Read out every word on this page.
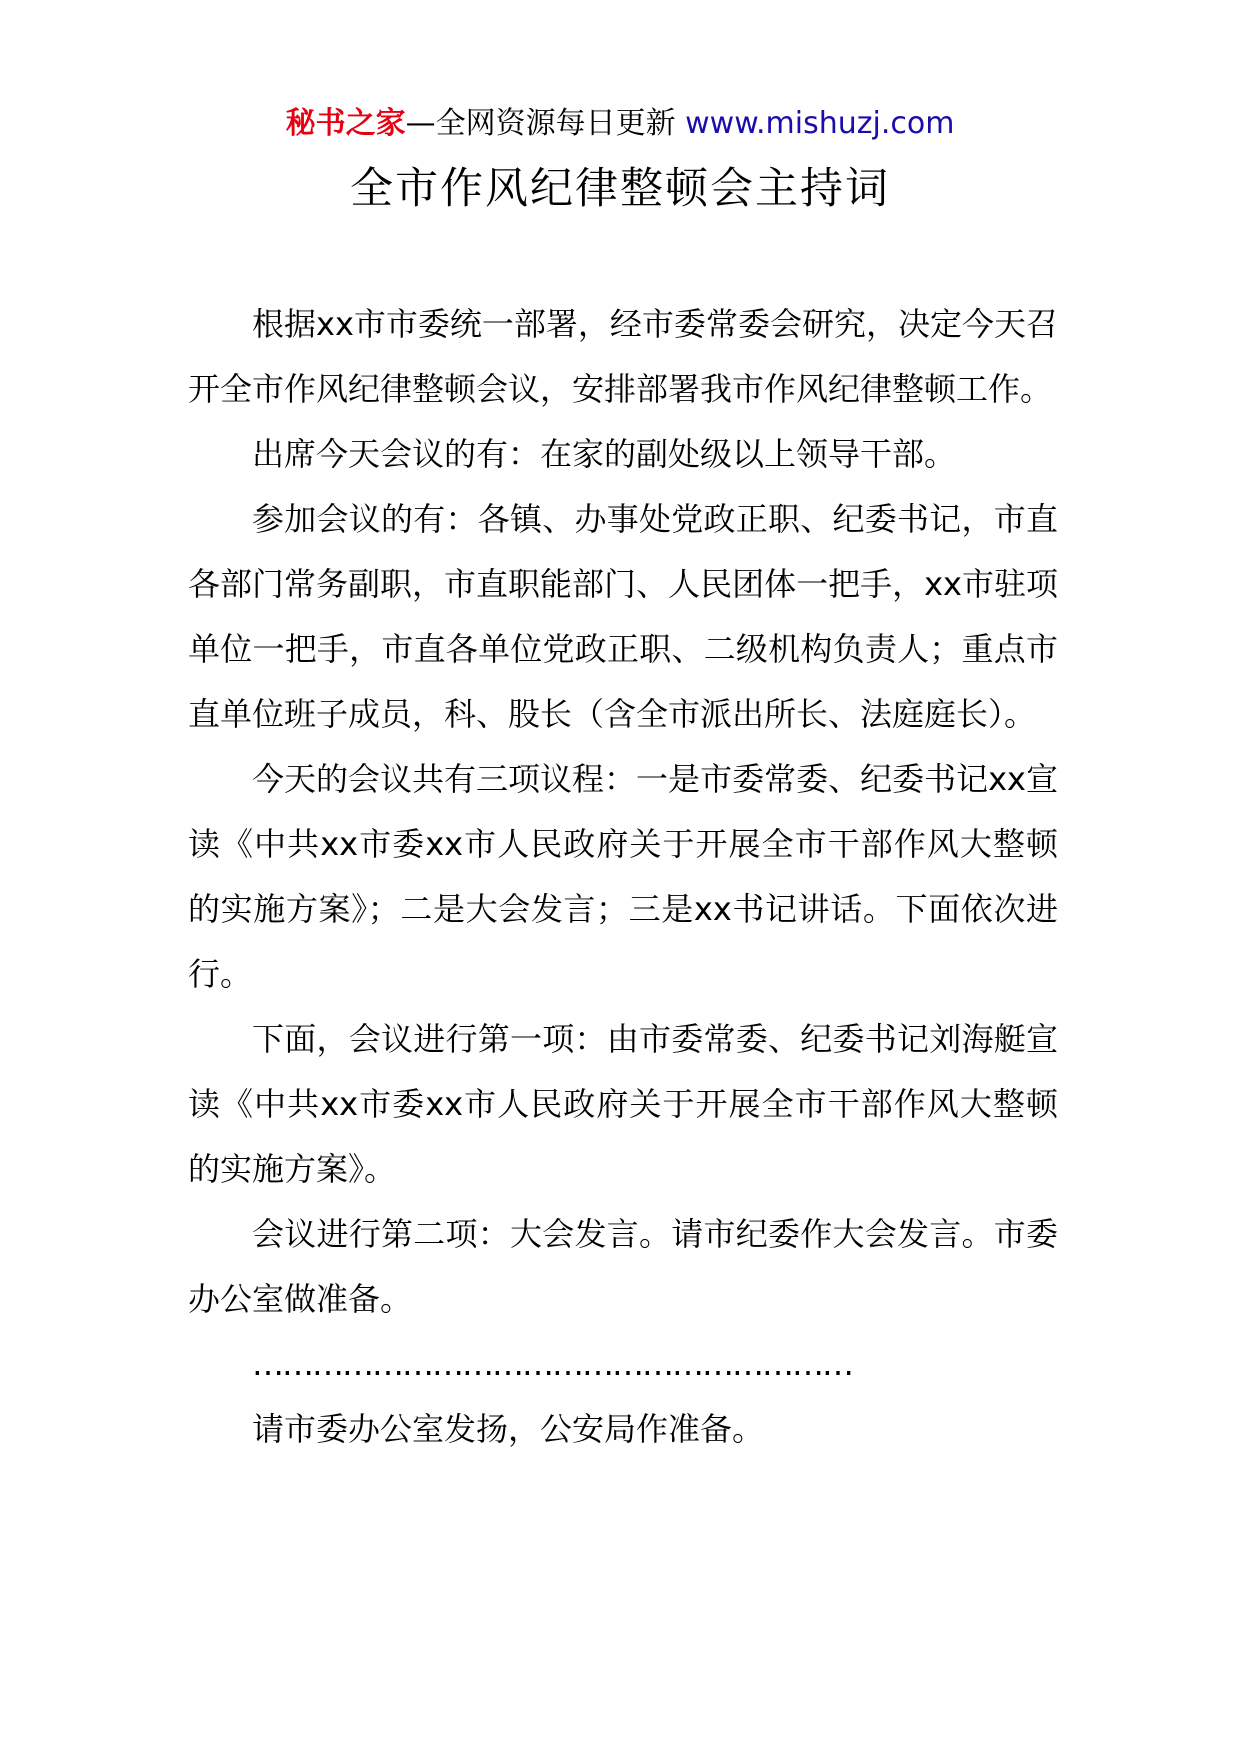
秘书之家—全网资源每日更新 www.mishuzj.com
全市作风纪律整顿会主持词

根据xx市市委统一部署，经市委常委会研究，决定今天召开全市作风纪律整顿会议，安排部署我市作风纪律整顿工作。

出席今天会议的有：在家的副处级以上领导干部。

参加会议的有：各镇、办事处党政正职、纪委书记，市直各部门常务副职，市直职能部门、人民团体一把手，xx市驻项单位一把手，市直各单位党政正职、二级机构负责人；重点市直单位班子成员，科、股长（含全市派出所长、法庭庭长）。

今天的会议共有三项议程：一是市委常委、纪委书记xx宣读《中共xx市委xx市人民政府关于开展全市干部作风大整顿的实施方案》；二是大会发言；三是xx书记讲话。下面依次进行。

下面，会议进行第一项：由市委常委、纪委书记刘海艇宣读《中共xx市委xx市人民政府关于开展全市干部作风大整顿的实施方案》。

会议进行第二项：大会发言。请市纪委作大会发言。市委办公室做准备。

……………………………………………………

请市委办公室发扬，公安局作准备。
